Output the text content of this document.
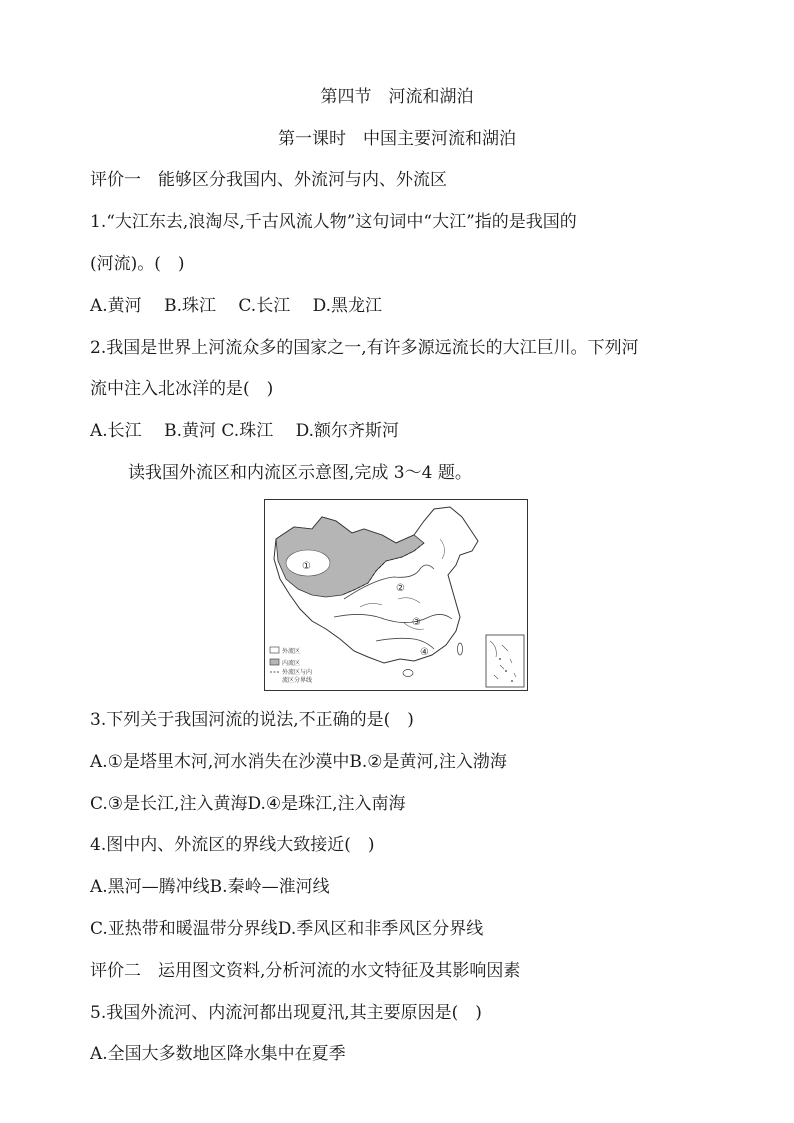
第四节　河流和湖泊
第一课时　中国主要河流和湖泊
评价一　能够区分我国内、外流河与内、外流区
1.“大江东去,浪淘尽,千古风流人物”这句词中“大江”指的是我国的
(河流)。(　)
A.黄河　 B.珠江　 C.长江　 D.黑龙江
2.我国是世界上河流众多的国家之一,有许多源远流长的大江巨川。下列河
流中注入北冰洋的是(　)
A.长江　 B.黄河 C.珠江　 D.额尔齐斯河
读我国外流区和内流区示意图,完成 3～4 题。
①
②
③
④
外流区
内流区
外流区与内
流区分界线
3.下列关于我国河流的说法,不正确的是(　)
A.①是塔里木河,河水消失在沙漠中B.②是黄河,注入渤海
C.③是长江,注入黄海D.④是珠江,注入南海
4.图中内、外流区的界线大致接近(　)
A.黑河—腾冲线B.秦岭—淮河线
C.亚热带和暖温带分界线D.季风区和非季风区分界线
评价二　运用图文资料,分析河流的水文特征及其影响因素
5.我国外流河、内流河都出现夏汛,其主要原因是(　)
A.全国大多数地区降水集中在夏季
